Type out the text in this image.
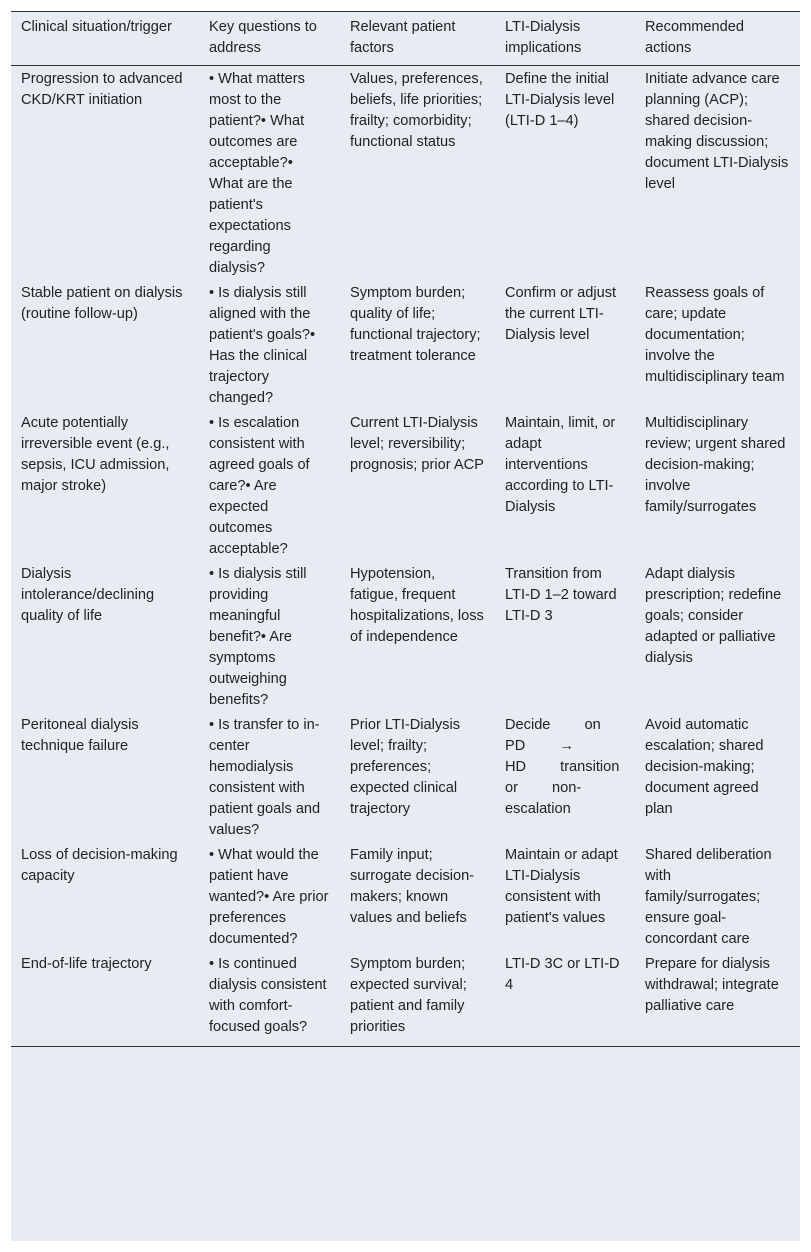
Clinical situation/trigger	Key questions to address	Relevant patient factors	LTI-Dialysis implications	Recommended actions
Progression to advanced CKD/KRT initiation	• What matters most to the patient?• What outcomes are acceptable?• What are the patient's expectations regarding dialysis?	Values, preferences, beliefs, life priorities; frailty; comorbidity; functional status	Define the initial LTI-Dialysis level (LTI-D 1–4)	Initiate advance care planning (ACP); shared decision-making discussion; document LTI-Dialysis level
Stable patient on dialysis (routine follow-up)	• Is dialysis still aligned with the patient's goals?• Has the clinical trajectory changed?	Symptom burden; quality of life; functional trajectory; treatment tolerance	Confirm or adjust the current LTI-Dialysis level	Reassess goals of care; update documentation; involve the multidisciplinary team
Acute potentially irreversible event (e.g., sepsis, ICU admission, major stroke)	• Is escalation consistent with agreed goals of care?• Are expected outcomes acceptable?	Current LTI-Dialysis level; reversibility; prognosis; prior ACP	Maintain, limit, or adapt interventions according to LTI-Dialysis	Multidisciplinary review; urgent shared decision-making; involve family/surrogates
Dialysis intolerance/declining quality of life	• Is dialysis still providing meaningful benefit?• Are symptoms outweighing benefits?	Hypotension, fatigue, frequent hospitalizations, loss of independence	Transition from LTI-D 1–2 toward LTI-D 3	Adapt dialysis prescription; redefine goals; consider adapted or palliative dialysis
Peritoneal dialysis technique failure	• Is transfer to in-center hemodialysis consistent with patient goals and values?	Prior LTI-Dialysis level; frailty; preferences; expected clinical trajectory	Decide on PD → HD transition or non-escalation	Avoid automatic escalation; shared decision-making; document agreed plan
Loss of decision-making capacity	• What would the patient have wanted?• Are prior preferences documented?	Family input; surrogate decision-makers; known values and beliefs	Maintain or adapt LTI-Dialysis consistent with patient's values	Shared deliberation with family/surrogates; ensure goal-concordant care
End-of-life trajectory	• Is continued dialysis consistent with comfort-focused goals?	Symptom burden; expected survival; patient and family priorities	LTI-D 3C or LTI-D 4	Prepare for dialysis withdrawal; integrate palliative care
